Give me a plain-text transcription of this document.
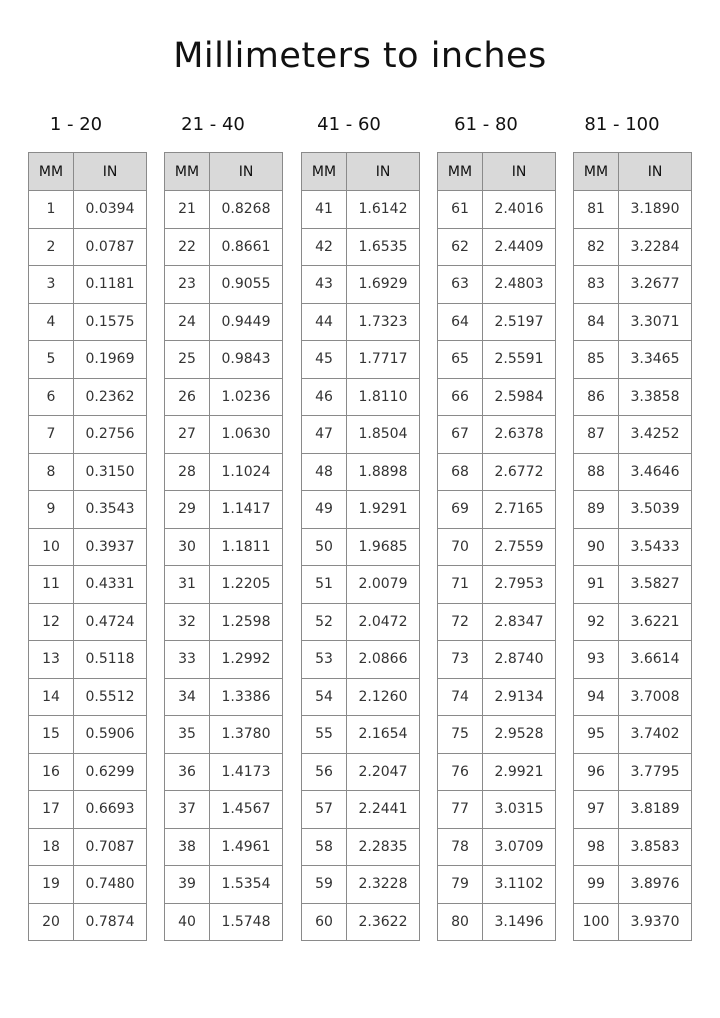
Millimeters to inches
1 - 20	21 - 40	41 - 60	61 - 80	81 - 100
MM	IN
1	0.0394
2	0.0787
3	0.1181
4	0.1575
5	0.1969
6	0.2362
7	0.2756
8	0.3150
9	0.3543
10	0.3937
11	0.4331
12	0.4724
13	0.5118
14	0.5512
15	0.5906
16	0.6299
17	0.6693
18	0.7087
19	0.7480
20	0.7874
MM	IN
21	0.8268
22	0.8661
23	0.9055
24	0.9449
25	0.9843
26	1.0236
27	1.0630
28	1.1024
29	1.1417
30	1.1811
31	1.2205
32	1.2598
33	1.2992
34	1.3386
35	1.3780
36	1.4173
37	1.4567
38	1.4961
39	1.5354
40	1.5748
MM	IN
41	1.6142
42	1.6535
43	1.6929
44	1.7323
45	1.7717
46	1.8110
47	1.8504
48	1.8898
49	1.9291
50	1.9685
51	2.0079
52	2.0472
53	2.0866
54	2.1260
55	2.1654
56	2.2047
57	2.2441
58	2.2835
59	2.3228
60	2.3622
MM	IN
61	2.4016
62	2.4409
63	2.4803
64	2.5197
65	2.5591
66	2.5984
67	2.6378
68	2.6772
69	2.7165
70	2.7559
71	2.7953
72	2.8347
73	2.8740
74	2.9134
75	2.9528
76	2.9921
77	3.0315
78	3.0709
79	3.1102
80	3.1496
MM	IN
81	3.1890
82	3.2284
83	3.2677
84	3.3071
85	3.3465
86	3.3858
87	3.4252
88	3.4646
89	3.5039
90	3.5433
91	3.5827
92	3.6221
93	3.6614
94	3.7008
95	3.7402
96	3.7795
97	3.8189
98	3.8583
99	3.8976
100	3.9370
